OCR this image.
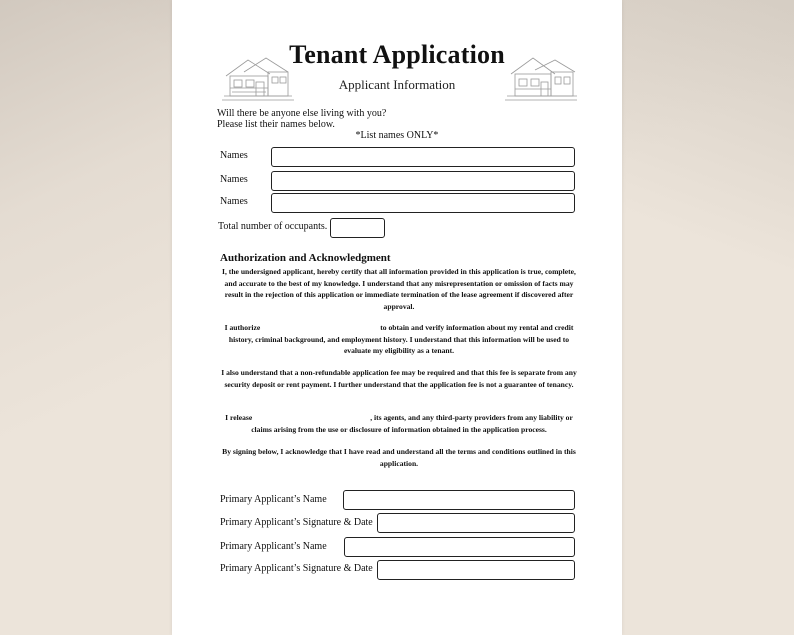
Tenant Application
Applicant Information
Will there be anyone else living with you?
Please list their names below.
*List names ONLY*
Names
Names
Names
Total number of occupants.
Authorization and Acknowledgment
I, the undersigned applicant, hereby certify that all information provided in this application is true, complete, and accurate to the best of my knowledge. I understand that any misrepresentation or omission of facts may result in the rejection of this application or immediate termination of the lease agreement if discovered after approval.
I authorize	to obtain and verify information about my rental and credit history, criminal background, and employment history. I understand that this information will be used to evaluate my eligibility as a tenant.
I also understand that a non-refundable application fee may be required and that this fee is separate from any security deposit or rent payment. I further understand that the application fee is not a guarantee of tenancy.
I release	, its agents, and any third-party providers from any liability or claims arising from the use or disclosure of information obtained in the application process.
By signing below, I acknowledge that I have read and understand all the terms and conditions outlined in this application.
Primary Applicant’s Name
Primary Applicant’s Signature & Date
Primary Applicant’s Name
Primary Applicant’s Signature & Date
